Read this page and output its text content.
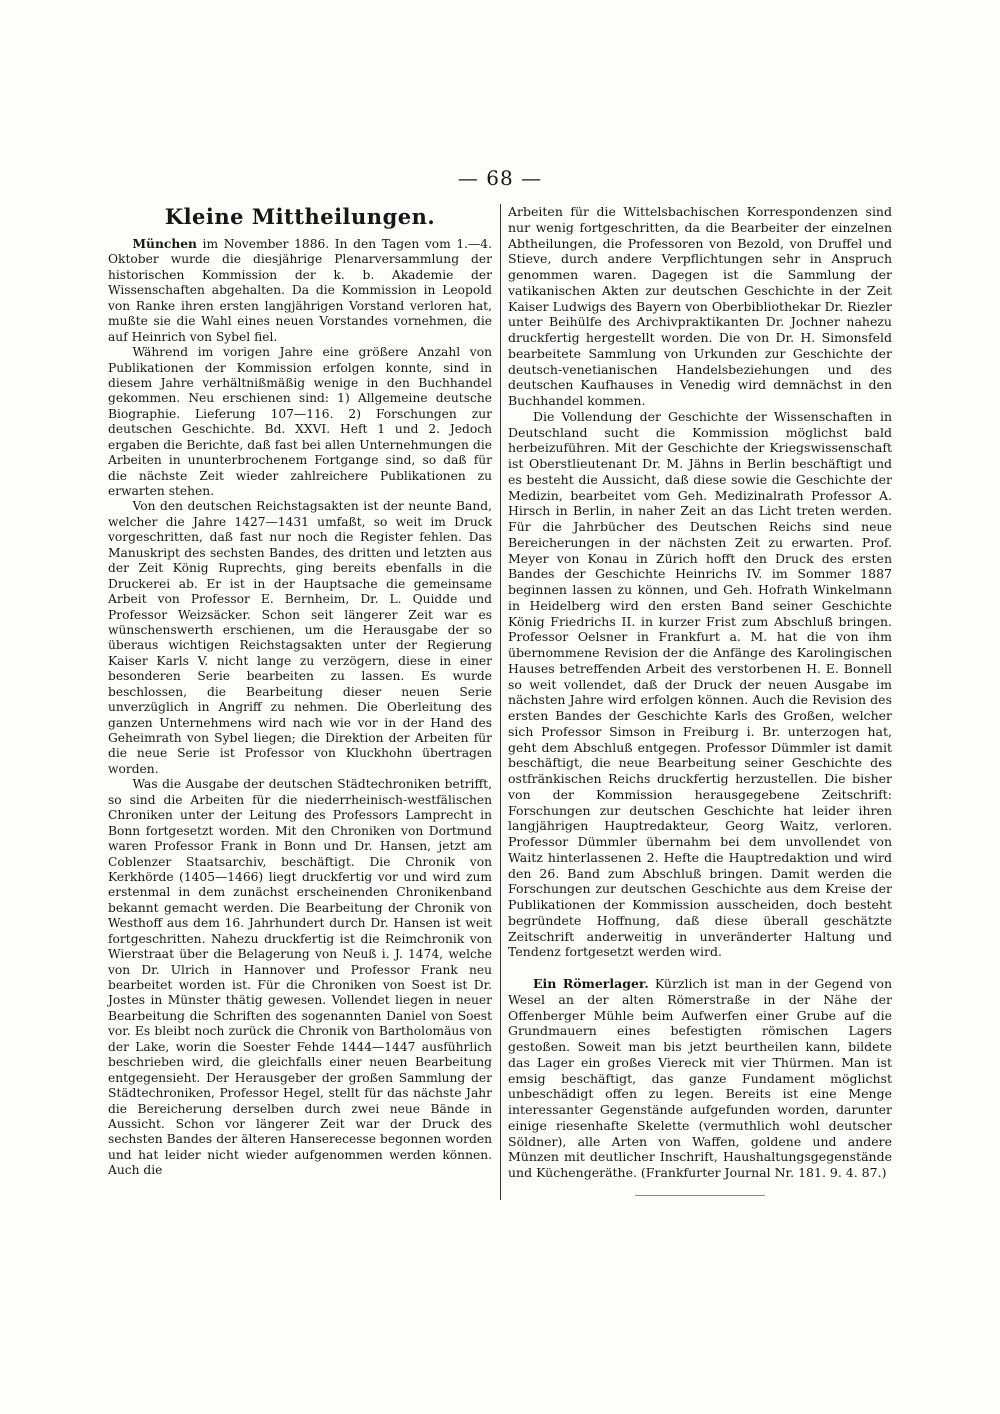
— 68 —
Kleine Mittheilungen.

München im November 1886. In den Tagen vom 1.—4. Oktober wurde die diesjährige Plenarversammlung der historischen Kommission der k. b. Akademie der Wissenschaften abgehalten. Da die Kommission in Leopold von Ranke ihren ersten langjährigen Vorstand verloren hat, mußte sie die Wahl eines neuen Vorstandes vornehmen, die auf Heinrich von Sybel fiel.

Während im vorigen Jahre eine größere Anzahl von Publikationen der Kommission erfolgen konnte, sind in diesem Jahre verhältnißmäßig wenige in den Buchhandel gekommen. Neu erschienen sind: 1) Allgemeine deutsche Biographie. Lieferung 107—116. 2) Forschungen zur deutschen Geschichte. Bd. XXVI. Heft 1 und 2. Jedoch ergaben die Berichte, daß fast bei allen Unternehmungen die Arbeiten in ununterbrochenem Fortgange sind, so daß für die nächste Zeit wieder zahlreichere Publikationen zu erwarten stehen.

Von den deutschen Reichstagsakten ist der neunte Band, welcher die Jahre 1427—1431 umfaßt, so weit im Druck vorgeschritten, daß fast nur noch die Register fehlen. Das Manuskript des sechsten Bandes, des dritten und letzten aus der Zeit König Ruprechts, ging bereits ebenfalls in die Druckerei ab. Er ist in der Hauptsache die gemeinsame Arbeit von Professor E. Bernheim, Dr. L. Quidde und Professor Weizsäcker. Schon seit längerer Zeit war es wünschenswerth erschienen, um die Herausgabe der so überaus wichtigen Reichstagsakten unter der Regierung Kaiser Karls V. nicht lange zu verzögern, diese in einer besonderen Serie bearbeiten zu lassen. Es wurde beschlossen, die Bearbeitung dieser neuen Serie unverzüglich in Angriff zu nehmen. Die Oberleitung des ganzen Unternehmens wird nach wie vor in der Hand des Geheimrath von Sybel liegen; die Direktion der Arbeiten für die neue Serie ist Professor von Kluckhohn übertragen worden.

Was die Ausgabe der deutschen Städtechroniken betrifft, so sind die Arbeiten für die niederrheinisch-westfälischen Chroniken unter der Leitung des Professors Lamprecht in Bonn fortgesetzt worden. Mit den Chroniken von Dortmund waren Professor Frank in Bonn und Dr. Hansen, jetzt am Coblenzer Staatsarchiv, beschäftigt. Die Chronik von Kerkhörde (1405—1466) liegt druckfertig vor und wird zum erstenmal in dem zunächst erscheinenden Chronikenband bekannt gemacht werden. Die Bearbeitung der Chronik von Westhoff aus dem 16. Jahrhundert durch Dr. Hansen ist weit fortgeschritten. Nahezu druckfertig ist die Reimchronik von Wierstraat über die Belagerung von Neuß i. J. 1474, welche von Dr. Ulrich in Hannover und Professor Frank neu bearbeitet worden ist. Für die Chroniken von Soest ist Dr. Jostes in Münster thätig gewesen. Vollendet liegen in neuer Bearbeitung die Schriften des sogenannten Daniel von Soest vor. Es bleibt noch zurück die Chronik von Bartholomäus von der Lake, worin die Soester Fehde 1444—1447 ausführlich beschrieben wird, die gleichfalls einer neuen Bearbeitung entgegensieht. Der Herausgeber der großen Sammlung der Städtechroniken, Professor Hegel, stellt für das nächste Jahr die Bereicherung derselben durch zwei neue Bände in Aussicht. Schon vor längerer Zeit war der Druck des sechsten Bandes der älteren Hanserecesse begonnen worden und hat leider nicht wieder aufgenommen werden können. Auch die

Arbeiten für die Wittelsbachischen Korrespondenzen sind nur wenig fortgeschritten, da die Bearbeiter der einzelnen Abtheilungen, die Professoren von Bezold, von Druffel und Stieve, durch andere Verpflichtungen sehr in Anspruch genommen waren. Dagegen ist die Sammlung der vatikanischen Akten zur deutschen Geschichte in der Zeit Kaiser Ludwigs des Bayern von Oberbibliothekar Dr. Riezler unter Beihülfe des Archivpraktikanten Dr. Jochner nahezu druckfertig hergestellt worden. Die von Dr. H. Simonsfeld bearbeitete Sammlung von Urkunden zur Geschichte der deutsch-venetianischen Handelsbeziehungen und des deutschen Kaufhauses in Venedig wird demnächst in den Buchhandel kommen.

Die Vollendung der Geschichte der Wissenschaften in Deutschland sucht die Kommission möglichst bald herbeizuführen. Mit der Geschichte der Kriegswissenschaft ist Oberstlieutenant Dr. M. Jähns in Berlin beschäftigt und es besteht die Aussicht, daß diese sowie die Geschichte der Medizin, bearbeitet vom Geh. Medizinalrath Professor A. Hirsch in Berlin, in naher Zeit an das Licht treten werden. Für die Jahrbücher des Deutschen Reichs sind neue Bereicherungen in der nächsten Zeit zu erwarten. Prof. Meyer von Konau in Zürich hofft den Druck des ersten Bandes der Geschichte Heinrichs IV. im Sommer 1887 beginnen lassen zu können, und Geh. Hofrath Winkelmann in Heidelberg wird den ersten Band seiner Geschichte König Friedrichs II. in kurzer Frist zum Abschluß bringen. Professor Oelsner in Frankfurt a. M. hat die von ihm übernommene Revision der die Anfänge des Karolingischen Hauses betreffenden Arbeit des verstorbenen H. E. Bonnell so weit vollendet, daß der Druck der neuen Ausgabe im nächsten Jahre wird erfolgen können. Auch die Revision des ersten Bandes der Geschichte Karls des Großen, welcher sich Professor Simson in Freiburg i. Br. unterzogen hat, geht dem Abschluß entgegen. Professor Dümmler ist damit beschäftigt, die neue Bearbeitung seiner Geschichte des ostfränkischen Reichs druckfertig herzustellen. Die bisher von der Kommission herausgegebene Zeitschrift: Forschungen zur deutschen Geschichte hat leider ihren langjährigen Hauptredakteur, Georg Waitz, verloren. Professor Dümmler übernahm bei dem unvollendet von Waitz hinterlassenen 2. Hefte die Hauptredaktion und wird den 26. Band zum Abschluß bringen. Damit werden die Forschungen zur deutschen Geschichte aus dem Kreise der Publikationen der Kommission ausscheiden, doch besteht begründete Hoffnung, daß diese überall geschätzte Zeitschrift anderweitig in unveränderter Haltung und Tendenz fortgesetzt werden wird.

Ein Römerlager. Kürzlich ist man in der Gegend von Wesel an der alten Römerstraße in der Nähe der Offenberger Mühle beim Aufwerfen einer Grube auf die Grundmauern eines befestigten römischen Lagers gestoßen. Soweit man bis jetzt beurtheilen kann, bildete das Lager ein großes Viereck mit vier Thürmen. Man ist emsig beschäftigt, das ganze Fundament möglichst unbeschädigt offen zu legen. Bereits ist eine Menge interessanter Gegenstände aufgefunden worden, darunter einige riesenhafte Skelette (vermuthlich wohl deutscher Söldner), alle Arten von Waffen, goldene und andere Münzen mit deutlicher Inschrift, Haushaltungsgegenstände und Küchengeräthe. (Frankfurter Journal Nr. 181. 9. 4. 87.)
